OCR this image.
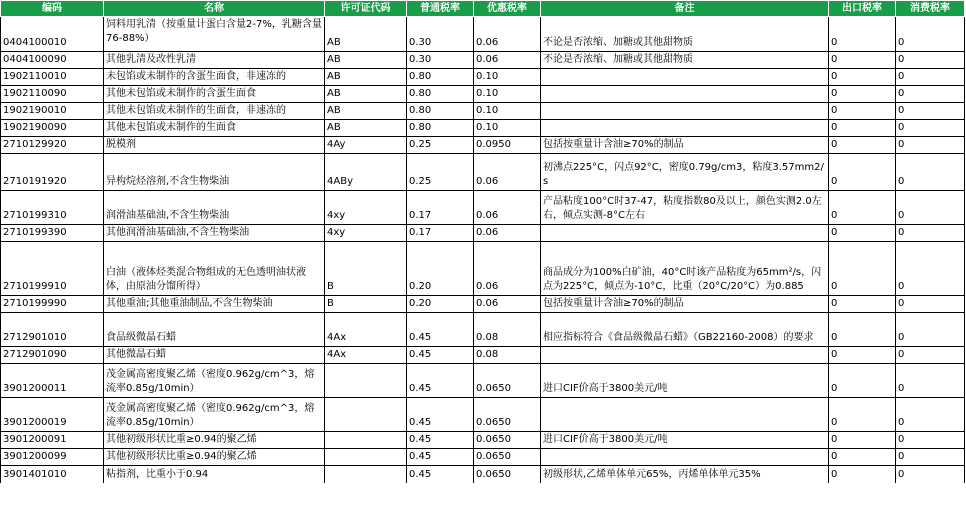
编码	名称	许可证代码	普通税率	优惠税率	备注	出口税率	消费税率
0404100010	饲料用乳清（按重量计蛋白含量2-7%，乳糖含量76-88%）	AB	0.30	0.06	不论是否浓缩、加糖或其他甜物质	0	0
0404100090	其他乳清及改性乳清	AB	0.30	0.06	不论是否浓缩、加糖或其他甜物质	0	0
1902110010	未包馅或未制作的含蛋生面食，非速冻的	AB	0.80	0.10		0	0
1902110090	其他未包馅或未制作的含蛋生面食	AB	0.80	0.10		0	0
1902190010	其他未包馅或未制作的生面食，非速冻的	AB	0.80	0.10		0	0
1902190090	其他未包馅或未制作的生面食	AB	0.80	0.10		0	0
2710129920	脱模剂	4Ay	0.25	0.0950	包括按重量计含油≥70%的制品	0	0
2710191920	异构烷烃溶剂,不含生物柴油	4ABy	0.25	0.06	初沸点225°C，闪点92°C，密度0.79g/cm3，粘度3.57mm2/s	0	0
2710199310	润滑油基础油,不含生物柴油	4xy	0.17	0.06	产品粘度100°C时37-47，粘度指数80及以上，颜色实测2.0左右，倾点实测-8°C左右	0	0
2710199390	其他润滑油基础油,不含生物柴油	4xy	0.17	0.06		0	0
2710199910	白油（液体烃类混合物组成的无色透明油状液体，由原油分馏所得）	B	0.20	0.06	商品成分为100%白矿油，40°C时该产品粘度为65mm²/s，闪点为225°C，倾点为-10°C，比重（20°C/20°C）为0.885	0	0
2710199990	其他重油;其他重油制品,不含生物柴油	B	0.20	0.06	包括按重量计含油≥70%的制品	0	0
2712901010	食品级微晶石蜡	4Ax	0.45	0.08	相应指标符合《食品级微晶石蜡》（GB22160-2008）的要求	0	0
2712901090	其他微晶石蜡	4Ax	0.45	0.08		0	0
3901200011	茂金属高密度聚乙烯（密度0.962g/cm^3，熔流率0.85g/10min）		0.45	0.0650	进口CIF价高于3800美元/吨	0	0
3901200019	茂金属高密度聚乙烯（密度0.962g/cm^3，熔流率0.85g/10min）		0.45	0.0650		0	0
3901200091	其他初级形状比重≥0.94的聚乙烯		0.45	0.0650	进口CIF价高于3800美元/吨	0	0
3901200099	其他初级形状比重≥0.94的聚乙烯		0.45	0.0650		0	0
3901401010	粘指剂，比重小于0.94		0.45	0.0650	初级形状,乙烯单体单元65%，丙烯单体单元35%	0	0
